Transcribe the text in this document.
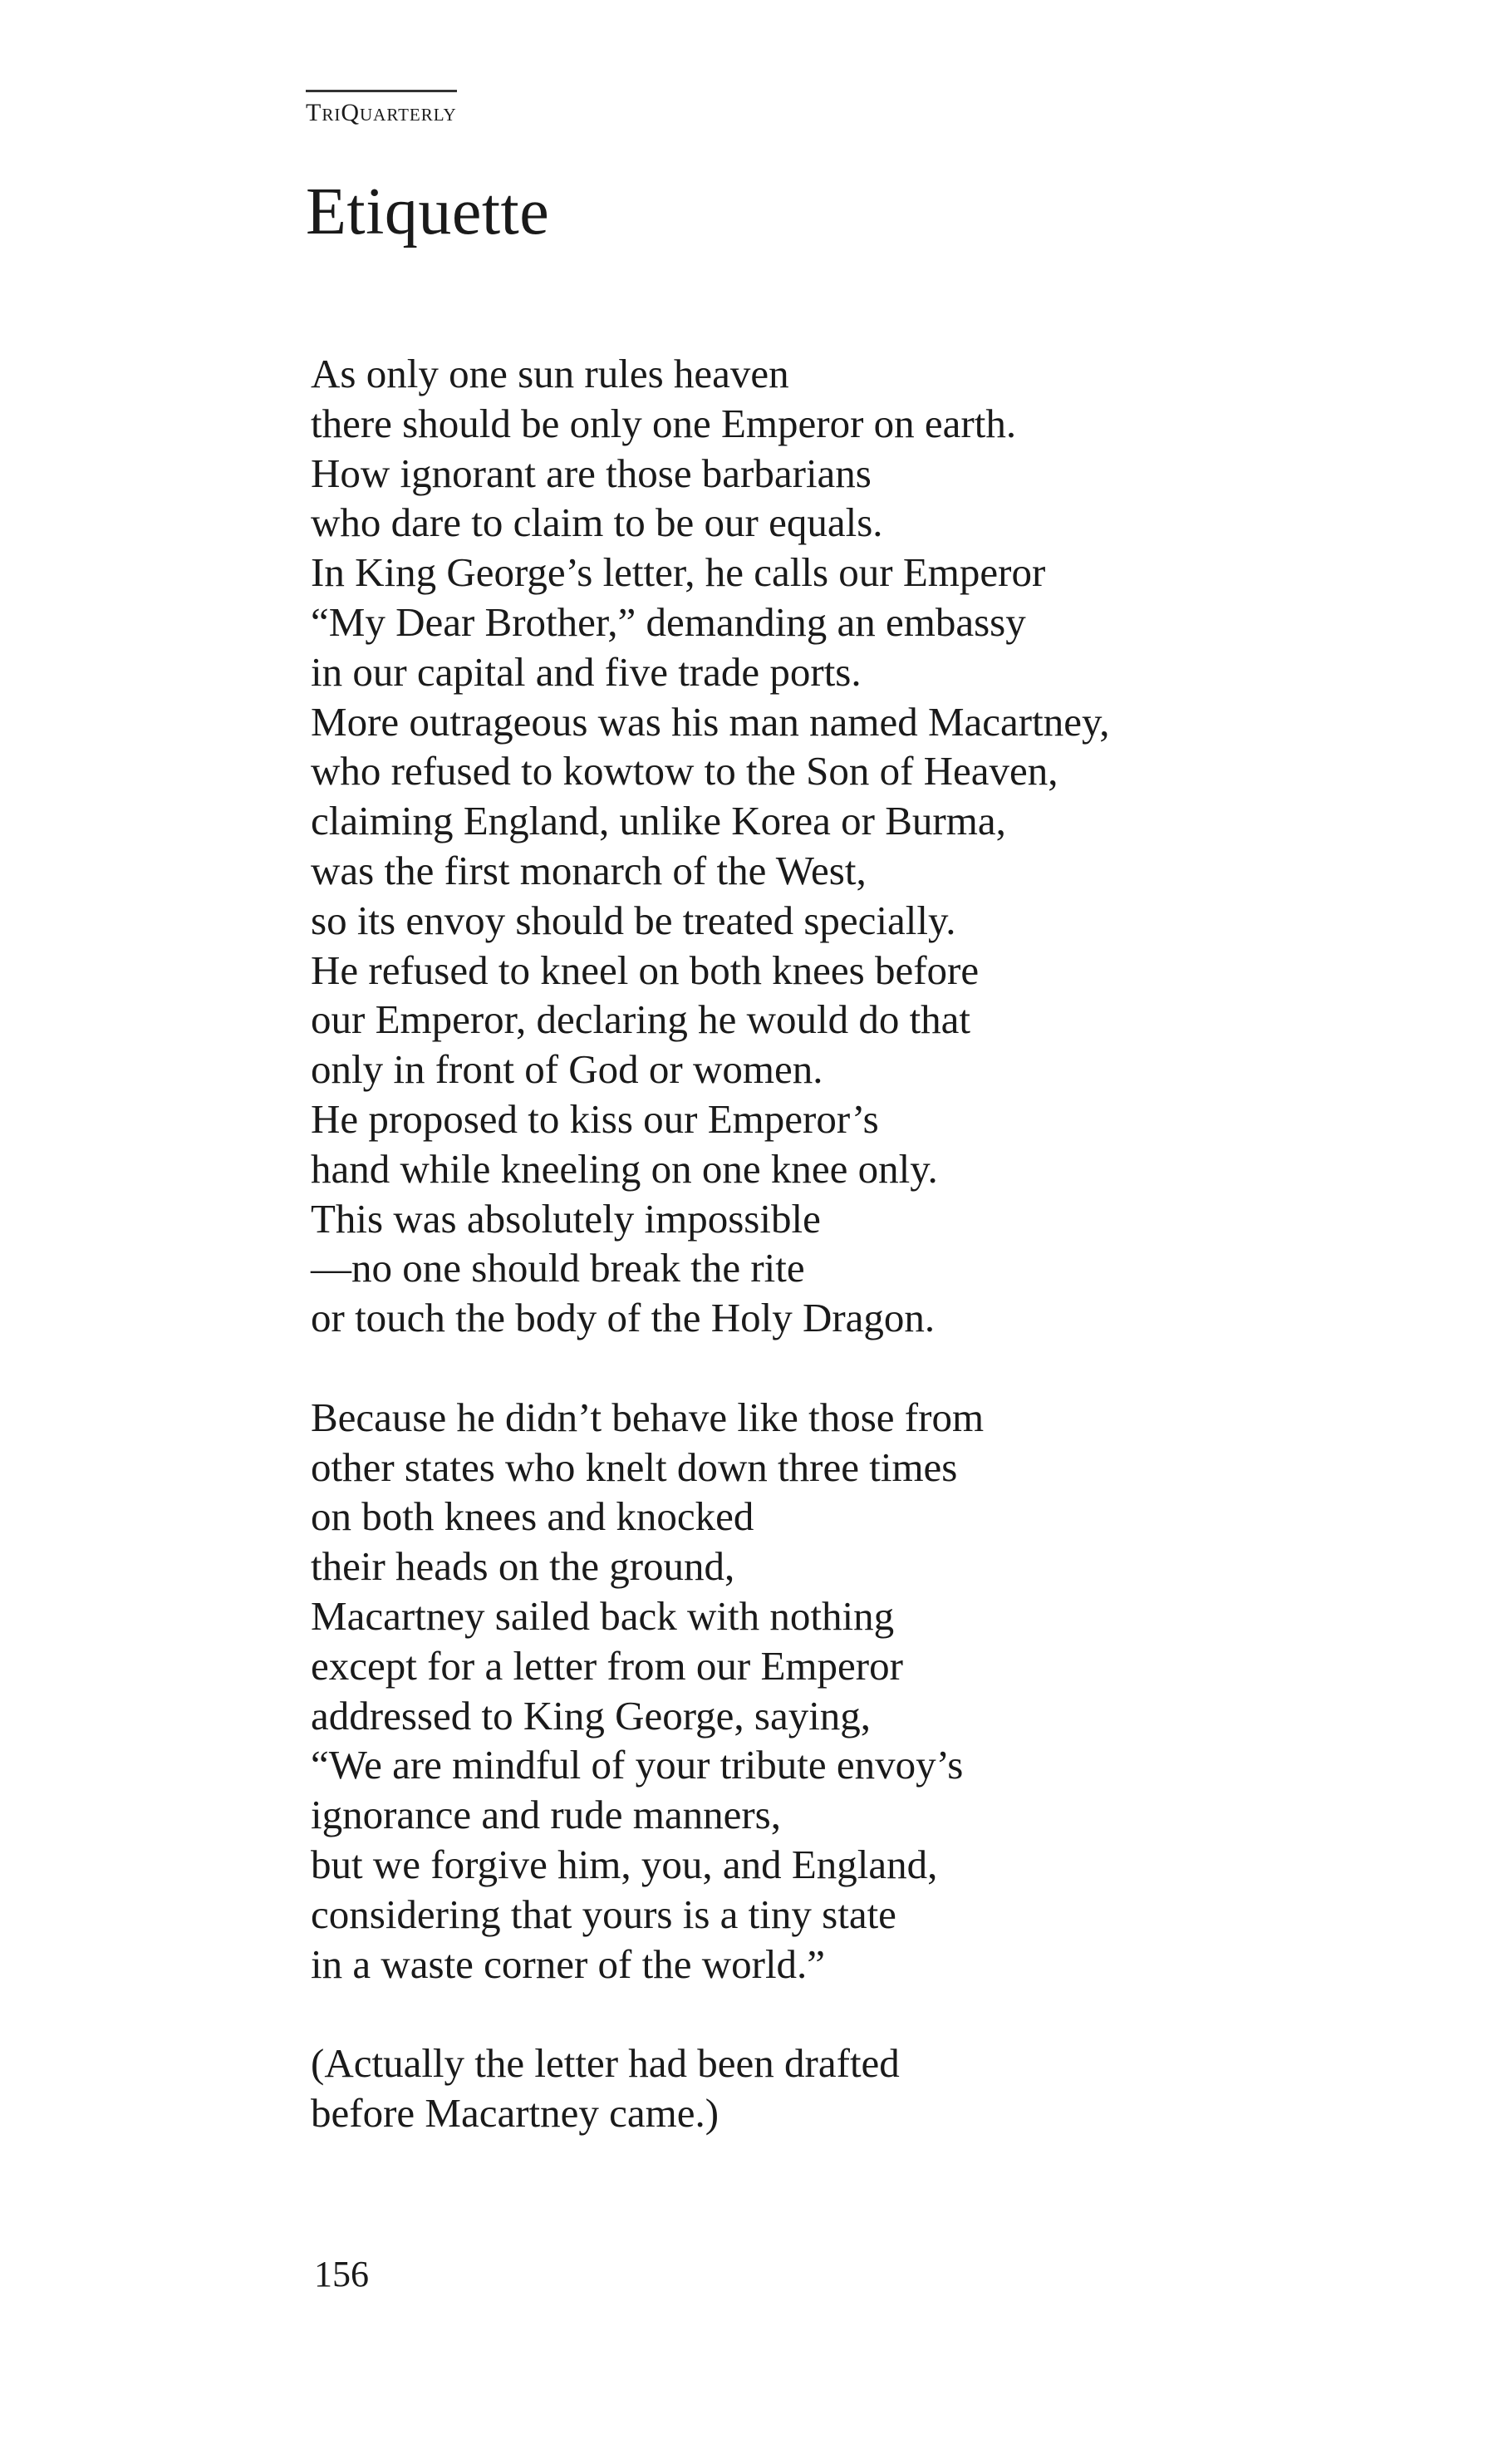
TriQuarterly
Etiquette

As only one sun rules heaven
there should be only one Emperor on earth.
How ignorant are those barbarians
who dare to claim to be our equals.
In King George’s letter, he calls our Emperor
“My Dear Brother,” demanding an embassy
in our capital and five trade ports.
More outrageous was his man named Macartney,
who refused to kowtow to the Son of Heaven,
claiming England, unlike Korea or Burma,
was the first monarch of the West,
so its envoy should be treated specially.
He refused to kneel on both knees before
our Emperor, declaring he would do that
only in front of God or women.
He proposed to kiss our Emperor’s
hand while kneeling on one knee only.
This was absolutely impossible
—no one should break the rite
or touch the body of the Holy Dragon.

Because he didn’t behave like those from
other states who knelt down three times
on both knees and knocked
their heads on the ground,
Macartney sailed back with nothing
except for a letter from our Emperor
addressed to King George, saying,
“We are mindful of your tribute envoy’s
ignorance and rude manners,
but we forgive him, you, and England,
considering that yours is a tiny state
in a waste corner of the world.”

(Actually the letter had been drafted
before Macartney came.)

156
